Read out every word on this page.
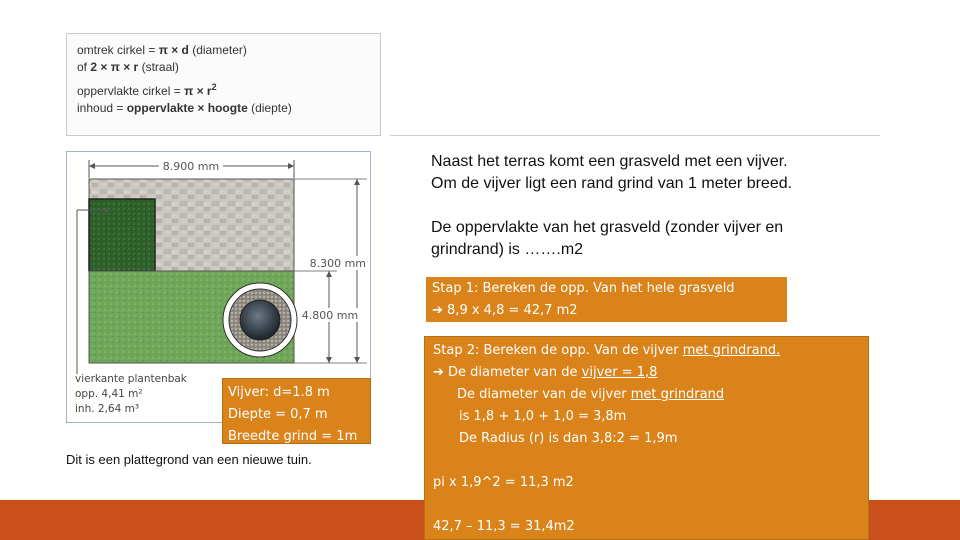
omtrek cirkel = π × d (diameter)
of 2 × π × r (straal)
oppervlakte cirkel = $\pi \times r^2$
inhoud = oppervlakte × hoogte (diepte)
Naast het terras komt een grasveld met een vijver.
Om de vijver ligt een rand grind van 1 meter breed.
De oppervlakte van het grasveld (zonder vijver en
grindrand) is …….m2
8.900 mm
8.300 mm
4.800 mm
vierkante plantenbak
opp. 4,41 m²
inh. 2,64 m³
Vijver: d=1.8 m
Diepte = 0,7 m
Breedte grind = 1m
Dit is een plattegrond van een nieuwe tuin.
Stap 1: Bereken de opp. Van het hele grasveld
➔ 8,9 x 4,8 = 42,7 m2
Stap 2: Bereken de opp. Van de vijver met grindrand.
➔ De diameter van de vijver = 1,8
De diameter van de vijver met grindrand
is 1,8 + 1,0 + 1,0 = 3,8m
De Radius (r) is dan 3,8:2 = 1,9m
pi x 1,9^2 = 11,3 m2
42,7 – 11,3 = 31,4m2
